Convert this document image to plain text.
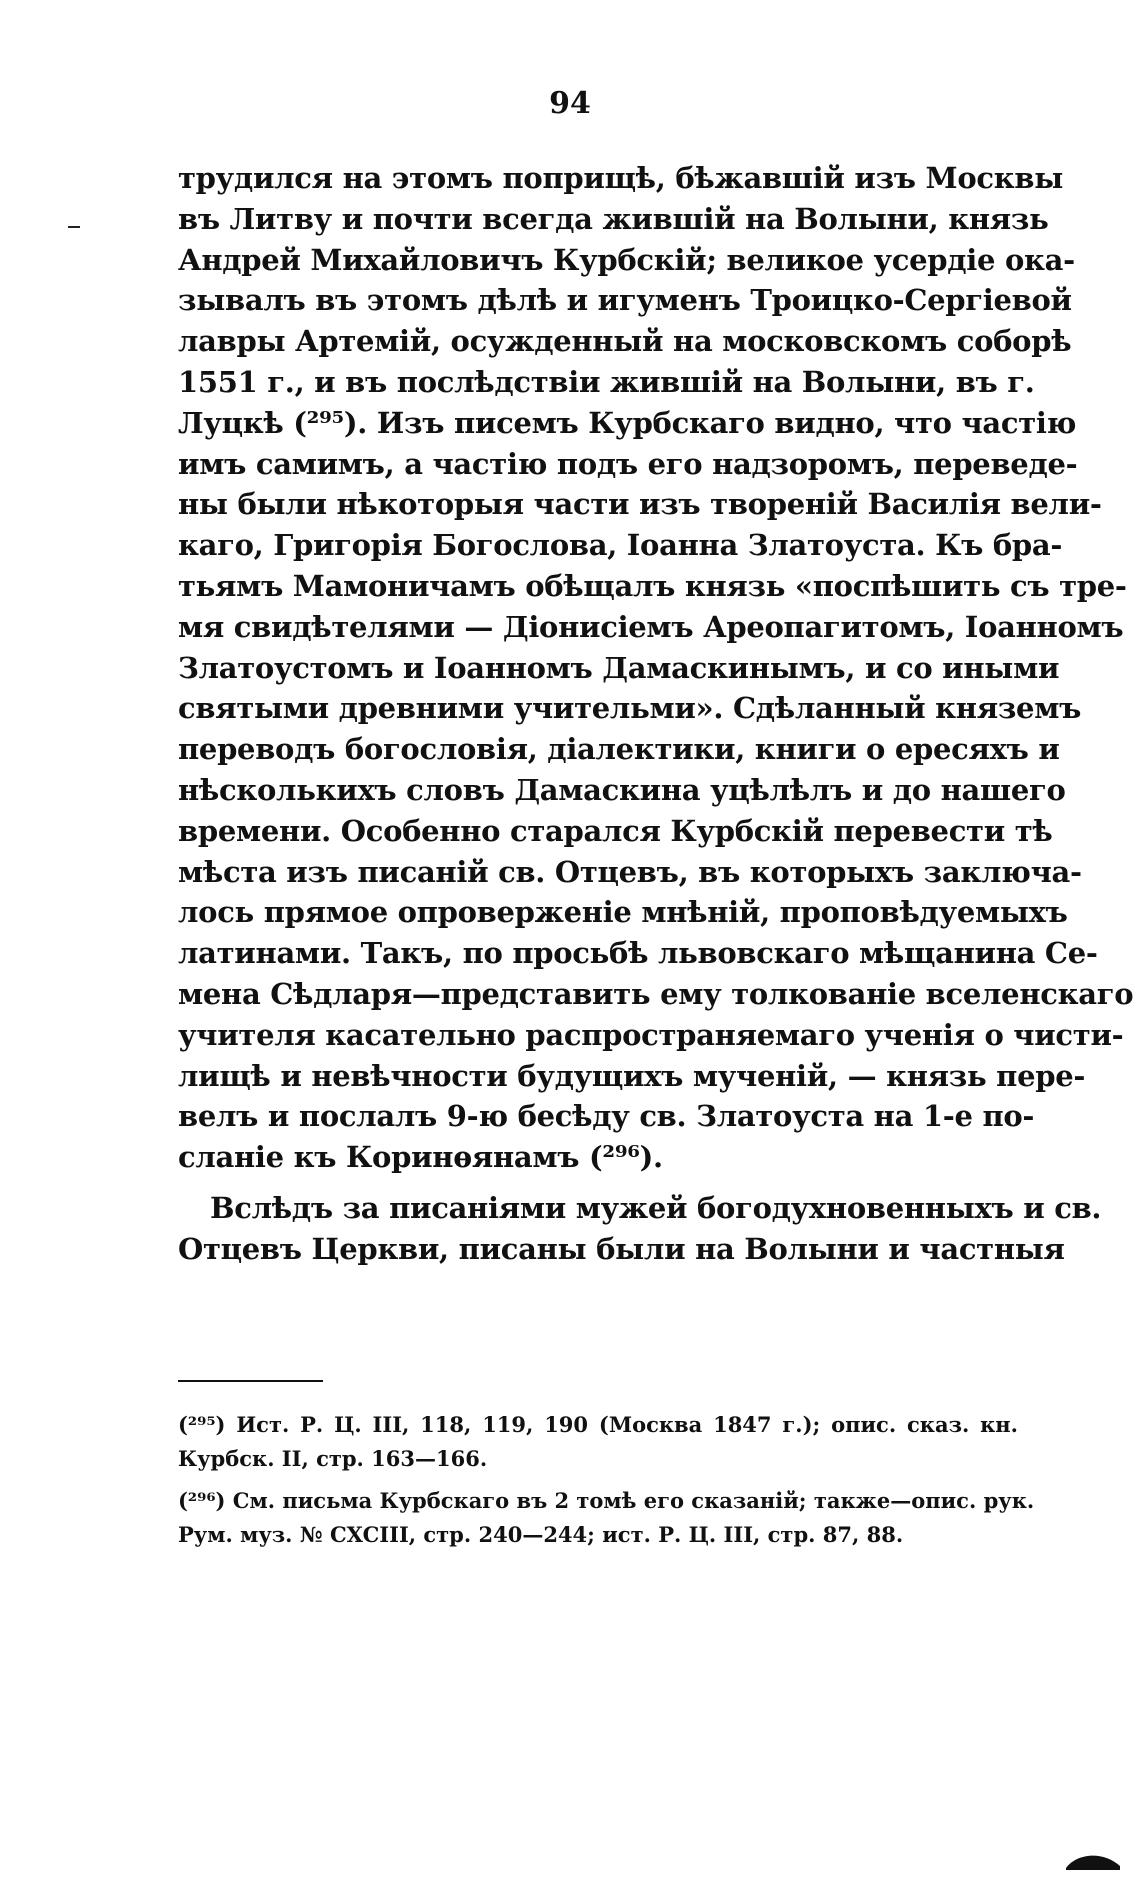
94
трудился на этомъ поприщѣ, бѣжавшiй изъ Москвы
въ Литву и почти всегда жившiй на Волыни, князь
Андрей Михайловичъ Курбскiй; великое усердiе ока-
зывалъ въ этомъ дѣлѣ и игуменъ Троицко-Сергiевой
лавры Артемiй, осужденный на московскомъ соборѣ
1551 г., и въ послѣдствiи жившiй на Волыни, въ г.
Луцкѣ (²⁹⁵). Изъ писемъ Курбскаго видно, что частiю
имъ самимъ, а частiю подъ его надзоромъ, переведе-
ны были нѣкоторыя части изъ творенiй Василiя вели-
каго, Григорiя Богослова, Iоанна Златоуста. Къ бра-
тьямъ Мамоничамъ обѣщалъ князь «поспѣшить съ тре-
мя свидѣтелями — Дiонисiемъ Ареопагитомъ, Iоанномъ
Златоустомъ и Iоанномъ Дамаскинымъ, и со иными
святыми древними учительми». Сдѣланный княземъ
переводъ богословiя, дiалектики, книги о ересяхъ и
нѣсколькихъ словъ Дамаскина уцѣлѣлъ и до нашего
времени. Особенно старался Курбскiй перевести тѣ
мѣста изъ писанiй св. Отцевъ, въ которыхъ заключа-
лось прямое опроверженiе мнѣнiй, проповѣдуемыхъ
латинами. Такъ, по просьбѣ львовскаго мѣщанина Се-
мена Сѣдларя—представить ему толкованiе вселенскаго
учителя касательно распространяемаго ученiя о чисти-
лищѣ и невѣчности будущихъ мученiй, — князь пере-
велъ и послалъ 9-ю бесѣду св. Златоуста на 1-е по-
сланiе къ Коринѳянамъ (²⁹⁶).
Вслѣдъ за писанiями мужей богодухновенныхъ и св.
Отцевъ Церкви, писаны были на Волыни и частныя
(²⁹⁵) Ист. Р. Ц. III, 118, 119, 190 (Москва 1847 г.); опис. сказ. кн.
Курбск. II, стр. 163—166.
(²⁹⁶) См. письма Курбскаго въ 2 томѣ его сказанiй; также—опис. рук.
Рум. муз. № CXCIII, стр. 240—244; ист. Р. Ц. III, стр. 87, 88.
